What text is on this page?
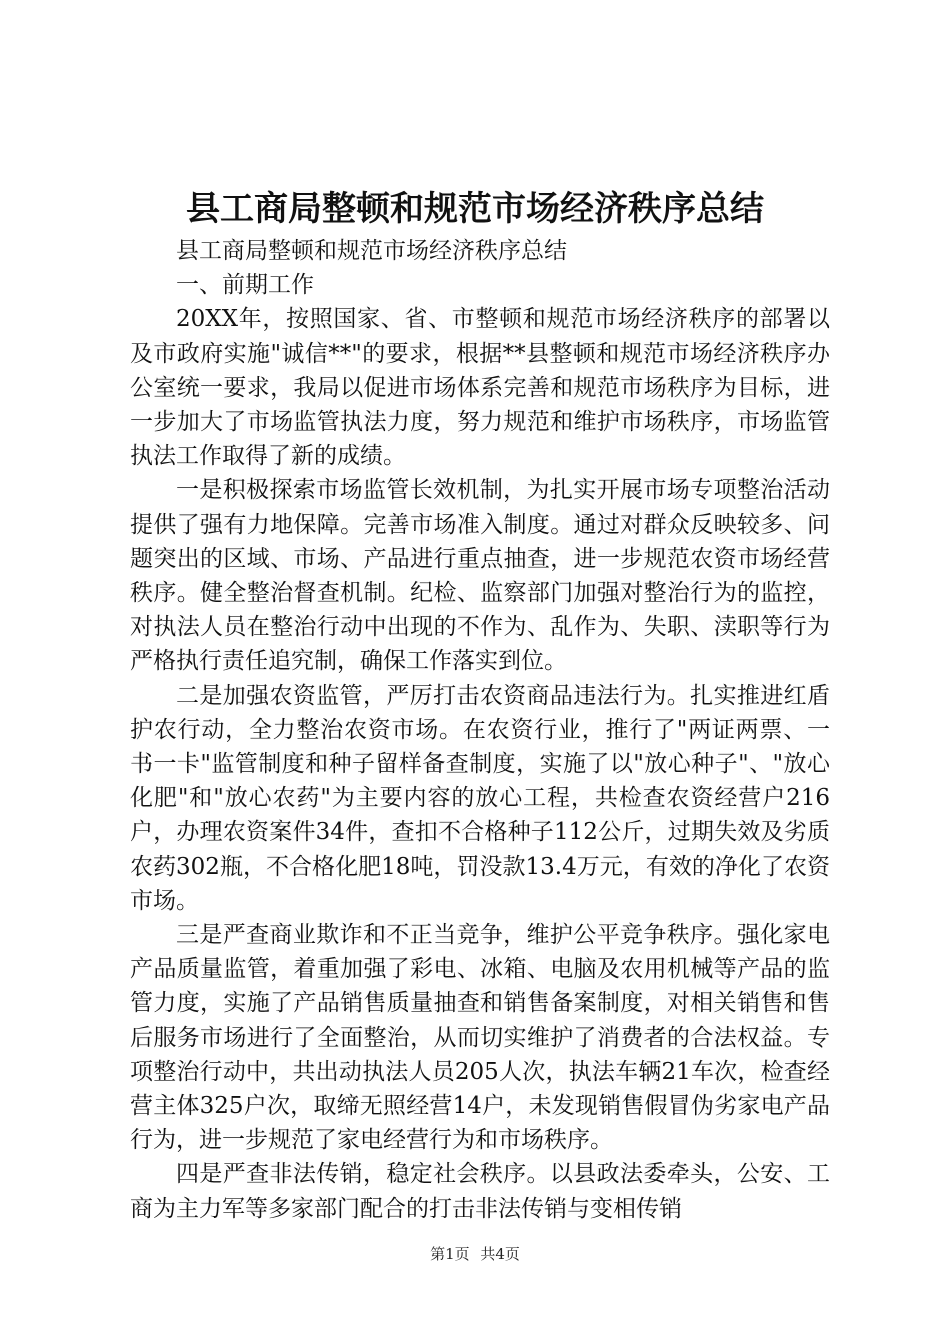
县工商局整顿和规范市场经济秩序总结

县工商局整顿和规范市场经济秩序总结

一、前期工作

20XX年，按照国家、省、市整顿和规范市场经济秩序的部署以及市政府实施"诚信**"的要求，根据**县整顿和规范市场经济秩序办公室统一要求，我局以促进市场体系完善和规范市场秩序为目标，进一步加大了市场监管执法力度，努力规范和维护市场秩序，市场监管执法工作取得了新的成绩。

一是积极探索市场监管长效机制，为扎实开展市场专项整治活动提供了强有力地保障。完善市场准入制度。通过对群众反映较多、问题突出的区域、市场、产品进行重点抽查，进一步规范农资市场经营秩序。健全整治督查机制。纪检、监察部门加强对整治行为的监控，对执法人员在整治行动中出现的不作为、乱作为、失职、渎职等行为严格执行责任追究制，确保工作落实到位。

二是加强农资监管，严厉打击农资商品违法行为。扎实推进红盾护农行动，全力整治农资市场。在农资行业，推行了"两证两票、一书一卡"监管制度和种子留样备查制度，实施了以"放心种子"、"放心化肥"和"放心农药"为主要内容的放心工程，共检查农资经营户216户，办理农资案件34件，查扣不合格种子112公斤，过期失效及劣质农药302瓶，不合格化肥18吨，罚没款13.4万元，有效的净化了农资市场。

三是严查商业欺诈和不正当竞争，维护公平竞争秩序。强化家电产品质量监管，着重加强了彩电、冰箱、电脑及农用机械等产品的监管力度，实施了产品销售质量抽查和销售备案制度，对相关销售和售后服务市场进行了全面整治，从而切实维护了消费者的合法权益。专项整治行动中，共出动执法人员205人次，执法车辆21车次，检查经营主体325户次，取缔无照经营14户，未发现销售假冒伪劣家电产品行为，进一步规范了家电经营行为和市场秩序。

四是严查非法传销，稳定社会秩序。以县政法委牵头，公安、工商为主力军等多家部门配合的打击非法传销与变相传销

第1页 共4页
